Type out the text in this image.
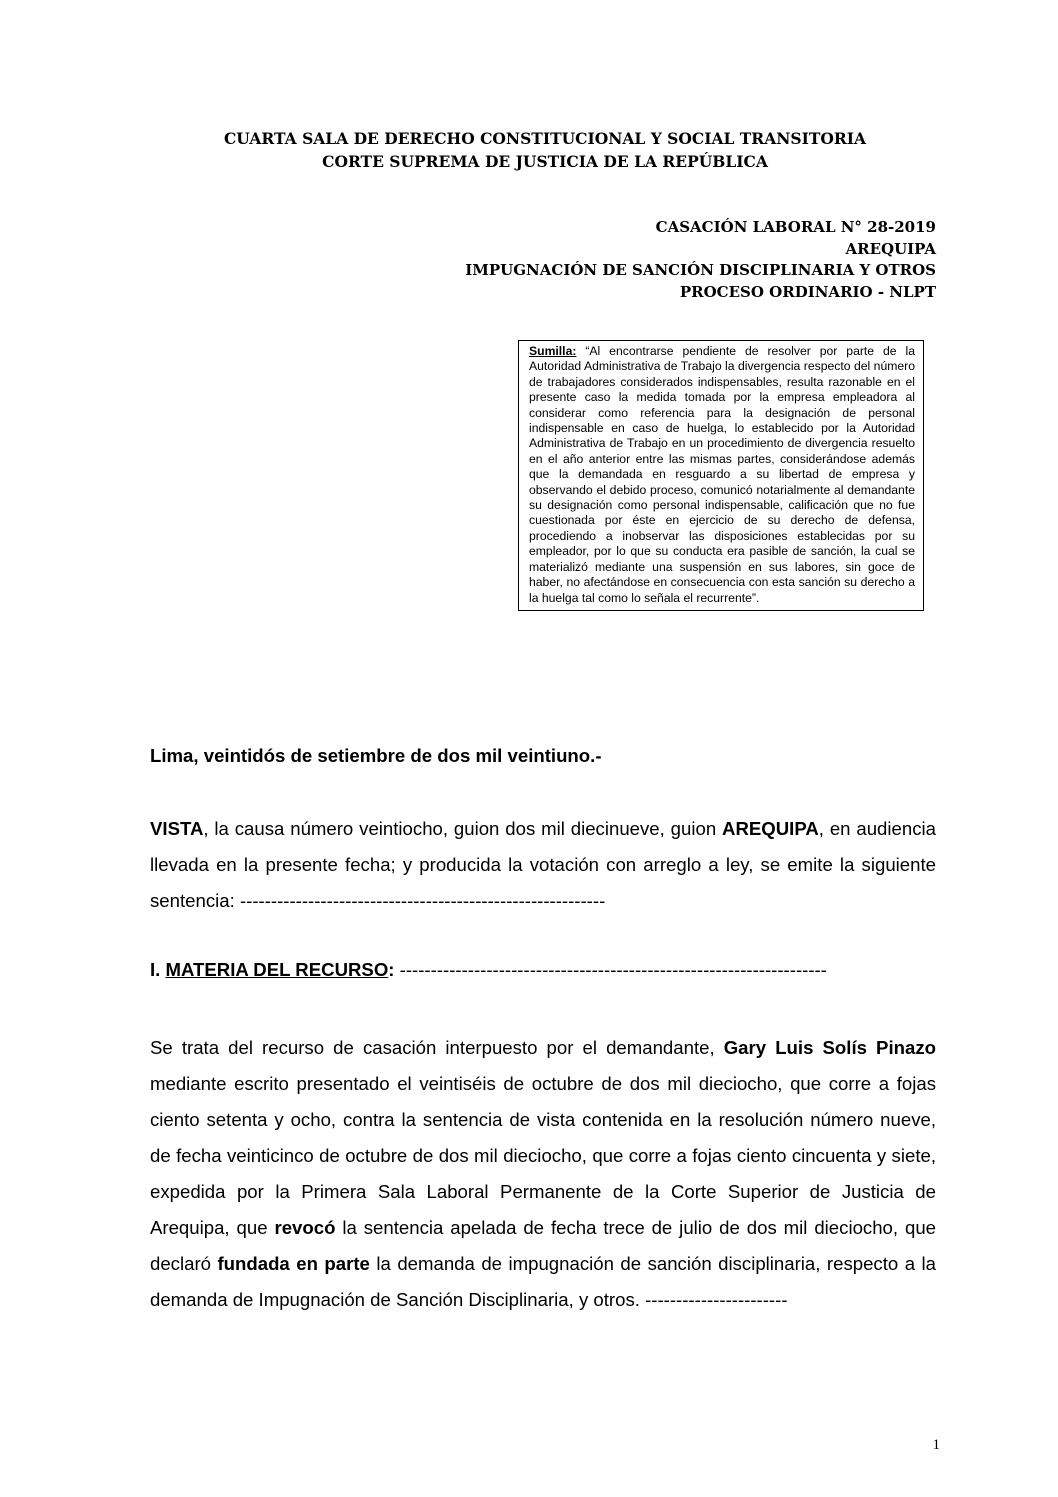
CUARTA SALA DE DERECHO CONSTITUCIONAL Y SOCIAL TRANSITORIA
CORTE SUPREMA DE JUSTICIA DE LA REPÚBLICA
CASACIÓN LABORAL N° 28-2019
AREQUIPA
IMPUGNACIÓN DE SANCIÓN DISCIPLINARIA Y OTROS
PROCESO ORDINARIO - NLPT
Sumilla: “Al encontrarse pendiente de resolver por parte de la Autoridad Administrativa de Trabajo la divergencia respecto del número de trabajadores considerados indispensables, resulta razonable en el presente caso la medida tomada por la empresa empleadora al considerar como referencia para la designación de personal indispensable en caso de huelga, lo establecido por la Autoridad Administrativa de Trabajo en un procedimiento de divergencia resuelto en el año anterior entre las mismas partes, considerándose además que la demandada en resguardo a su libertad de empresa y observando el debido proceso, comunicó notarialmente al demandante su designación como personal indispensable, calificación que no fue cuestionada por éste en ejercicio de su derecho de defensa, procediendo a inobservar las disposiciones establecidas por su empleador, por lo que su conducta era pasible de sanción, la cual se materializó mediante una suspensión en sus labores, sin goce de haber, no afectándose en consecuencia con esta sanción su derecho a la huelga tal como lo señala el recurrente”.
Lima, veintidós de setiembre de dos mil veintiuno.-
VISTA, la causa número veintiocho, guion dos mil diecinueve, guion AREQUIPA, en audiencia llevada en la presente fecha; y producida la votación con arreglo a ley, se emite la siguiente sentencia: -----------------------------------------------------------
I. MATERIA DEL RECURSO: ---------------------------------------------------------------------
Se trata del recurso de casación interpuesto por el demandante, Gary Luis Solís Pinazo mediante escrito presentado el veintiséis de octubre de dos mil dieciocho, que corre a fojas ciento setenta y ocho, contra la sentencia de vista contenida en la resolución número nueve, de fecha veinticinco de octubre de dos mil dieciocho, que corre a fojas ciento cincuenta y siete, expedida por la Primera Sala Laboral Permanente de la Corte Superior de Justicia de Arequipa, que revocó la sentencia apelada de fecha trece de julio de dos mil dieciocho, que declaró fundada en parte la demanda de impugnación de sanción disciplinaria, respecto a la demanda de Impugnación de Sanción Disciplinaria, y otros. -----------------------
1
